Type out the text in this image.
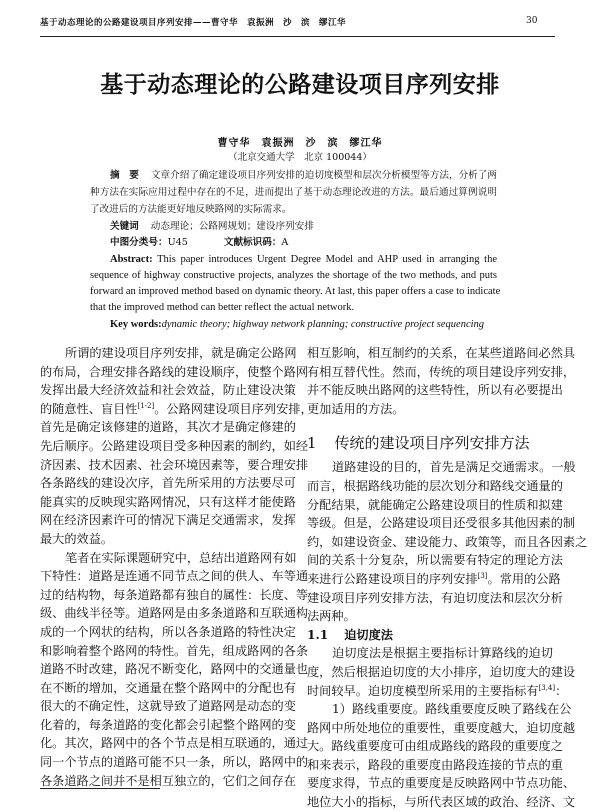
基于动态理论的公路建设项目序列安排——曹守华　袁振洲　沙　滨　缪江华	30
基于动态理论的公路建设项目序列安排
曹守华　袁振洲　沙　滨　缪江华
（北京交通大学　北京 100044）
摘　要 文章介绍了确定建设项目序列安排的迫切度模型和层次分析模型等方法，分析了两
种方法在实际应用过程中存在的不足，进而提出了基于动态理论改进的方法。最后通过算例说明
了改进后的方法能更好地反映路网的实际需求。
关键词 动态理论；公路网规划；建设序列安排
中图分类号：U45	文献标识码：A
Abstract: This paper introduces Urgent Degree Model and AHP used in arranging the
sequence of highway constructive projects, analyzes the shortage of the two methods, and puts
forward an improved method based on dynamic theory. At last, this paper offers a case to indicate
that the improved method can better reflect the actual network.
Key words:dynamic theory; highway network planning; constructive project sequencing
所谓的建设项目序列安排，就是确定公路网
的布局，合理安排各路线的建设顺序，使整个路网
发挥出最大经济效益和社会效益，防止建设决策
的随意性、盲目性[1-2]。公路网建设项目序列安排，
首先是确定该修建的道路，其次才是确定修建的
先后顺序。公路建设项目受多种因素的制约，如经
济因素、技术因素、社会环境因素等，要合理安排
各条路线的建设次序，首先所采用的方法要尽可
能真实的反映现实路网情况，只有这样才能使路
网在经济因素许可的情况下满足交通需求，发挥
最大的效益。
笔者在实际课题研究中，总结出道路网有如
下特性：道路是连通不同节点之间的供人、车等通
过的结构物，每条道路都有独自的属性：长度、等
级、曲线半径等。道路网是由多条道路和互联通构
成的一个网状的结构，所以各条道路的特性决定
和影响着整个路网的特性。首先，组成路网的各条
道路不时改建，路况不断变化，路网中的交通量也
在不断的增加，交通量在整个路网中的分配也有
很大的不确定性，这就导致了道路网是动态的变
化着的，每条道路的变化都会引起整个路网的变
化。其次，路网中的各个节点是相互联通的，通过
同一个节点的道路可能不只一条，所以，路网中的
各条道路之间并不是相互独立的，它们之间存在
相互影响，相互制约的关系，在某些道路间必然具
有相互替代性。然而，传统的项目建设序列安排，
并不能反映出路网的这些特性，所以有必要提出
更加适用的方法。
1 传统的建设项目序列安排方法
道路建设的目的，首先是满足交通需求。一般
而言，根据路线功能的层次划分和路线交通量的
分配结果，就能确定公路建设项目的性质和拟建
等级。但是，公路建设项目还受很多其他因素的制
约，如建设资金、建设能力、政策等，而且各因素之
间的关系十分复杂，所以需要有特定的理论方法
来进行公路建设项目的序列安排[3]。常用的公路
建设项目序列安排方法，有迫切度法和层次分析
法两种。
1.1 迫切度法
迫切度法是根据主要指标计算路线的迫切
度，然后根据迫切度的大小排序，迫切度大的建设
时间较早。迫切度模型所采用的主要指标有[3,4]：
1）路线重要度。路线重要度反映了路线在公
路网中所处地位的重要性，重要度越大，迫切度越
大。路线重要度可由组成路线的路段的重要度之
和来表示，路段的重要度由路段连接的节点的重
要度求得，节点的重要度是反映路网中节点功能、
地位大小的指标，与所代表区域的政治、经济、文
